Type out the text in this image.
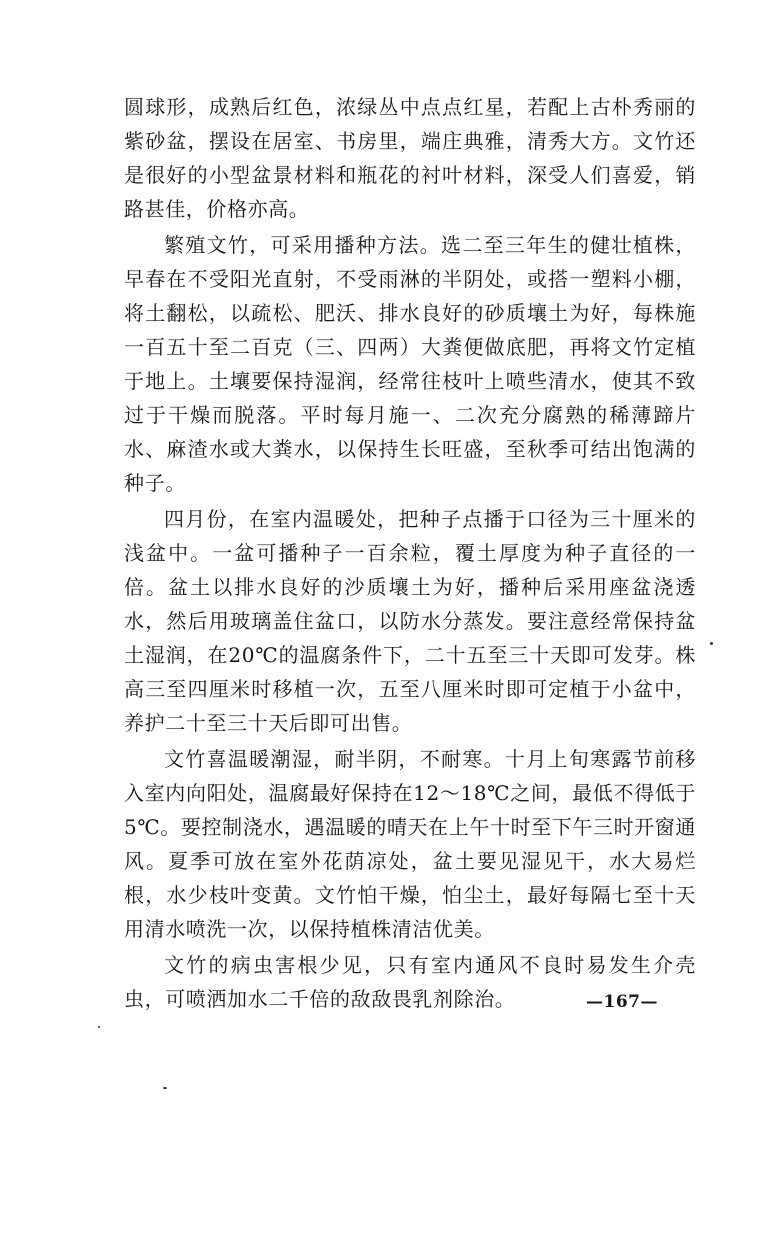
圆球形，成熟后红色，浓绿丛中点点红星，若配上古朴秀丽的紫砂盆，摆设在居室、书房里，端庄典雅，清秀大方。文竹还是很好的小型盆景材料和瓶花的衬叶材料，深受人们喜爱，销路甚佳，价格亦高。

繁殖文竹，可采用播种方法。选二至三年生的健壮植株，早春在不受阳光直射，不受雨淋的半阴处，或搭一塑料小棚，将土翻松，以疏松、肥沃、排水良好的砂质壤土为好，每株施一百五十至二百克（三、四两）大粪便做底肥，再将文竹定植于地上。土壤要保持湿润，经常往枝叶上喷些清水，使其不致过于干燥而脱落。平时每月施一、二次充分腐熟的稀薄蹄片水、麻渣水或大粪水，以保持生长旺盛，至秋季可结出饱满的种子。

四月份，在室内温暖处，把种子点播于口径为三十厘米的浅盆中。一盆可播种子一百余粒，覆土厚度为种子直径的一倍。盆土以排水良好的沙质壤土为好，播种后采用座盆浇透水，然后用玻璃盖住盆口，以防水分蒸发。要注意经常保持盆土湿润，在20℃的温腐条件下，二十五至三十天即可发芽。株高三至四厘米时移植一次，五至八厘米时即可定植于小盆中，养护二十至三十天后即可出售。

文竹喜温暖潮湿，耐半阴，不耐寒。十月上旬寒露节前移入室内向阳处，温腐最好保持在12～18℃之间，最低不得低于5℃。要控制浇水，遇温暖的晴天在上午十时至下午三时开窗通风。夏季可放在室外花荫凉处，盆土要见湿见干，水大易烂根，水少枝叶变黄。文竹怕干燥，怕尘土，最好每隔七至十天用清水喷洗一次，以保持植株清洁优美。

文竹的病虫害根少见，只有室内通风不良时易发生介壳虫，可喷洒加水二千倍的敌敌畏乳剂除治。	—167—
